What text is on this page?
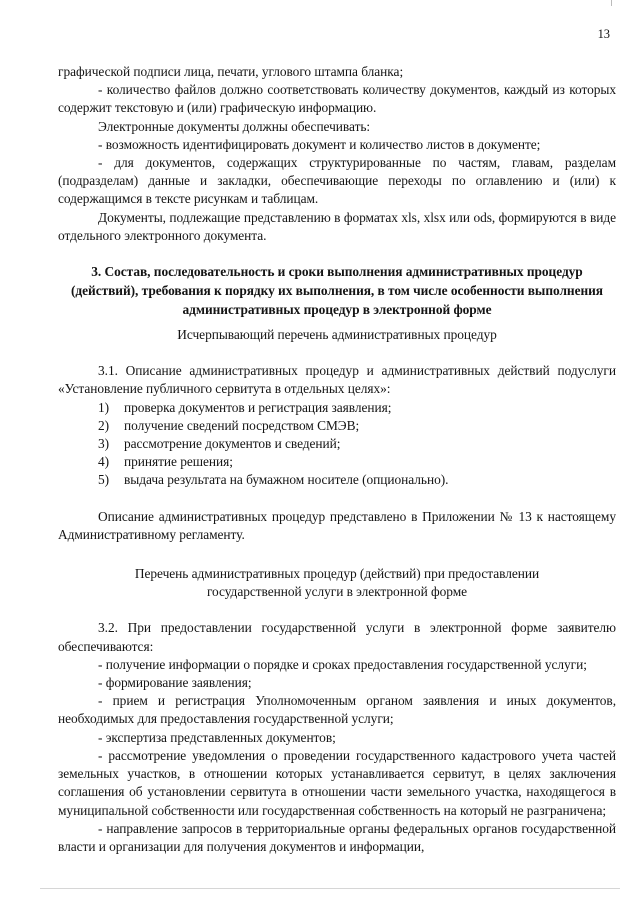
13

графической подписи лица, печати, углового штампа бланка;

- количество файлов должно соответствовать количеству документов, каждый из которых содержит текстовую и (или) графическую информацию.

Электронные документы должны обеспечивать:

- возможность идентифицировать документ и количество листов в документе;

- для документов, содержащих структурированные по частям, главам, разделам (подразделам) данные и закладки, обеспечивающие переходы по оглавлению и (или) к содержащимся в тексте рисункам и таблицам.

Документы, подлежащие представлению в форматах xls, xlsx или ods, формируются в виде отдельного электронного документа.

3. Состав, последовательность и сроки выполнения административных процедур (действий), требования к порядку их выполнения, в том числе особенности выполнения административных процедур в электронной форме

Исчерпывающий перечень административных процедур

3.1. Описание административных процедур и административных действий подуслуги «Установление публичного сервитута в отдельных целях»:

1) проверка документов и регистрация заявления;
2) получение сведений посредством СМЭВ;
3) рассмотрение документов и сведений;
4) принятие решения;
5) выдача результата на бумажном носителе (опционально).

Описание административных процедур представлено в Приложении № 13 к настоящему Административному регламенту.

Перечень административных процедур (действий) при предоставлении

государственной услуги в электронной форме

3.2. При предоставлении государственной услуги в электронной форме заявителю обеспечиваются:

- получение информации о порядке и сроках предоставления государственной услуги;

- формирование заявления;

- прием и регистрация Уполномоченным органом заявления и иных документов, необходимых для предоставления государственной услуги;

- экспертиза представленных документов;

- рассмотрение уведомления о проведении государственного кадастрового учета частей земельных участков, в отношении которых устанавливается сервитут, в целях заключения соглашения об установлении сервитута в отношении части земельного участка, находящегося в муниципальной собственности или государственная собственность на который не разграничена;

- направление запросов в территориальные органы федеральных органов государственной власти и организации для получения документов и информации,
